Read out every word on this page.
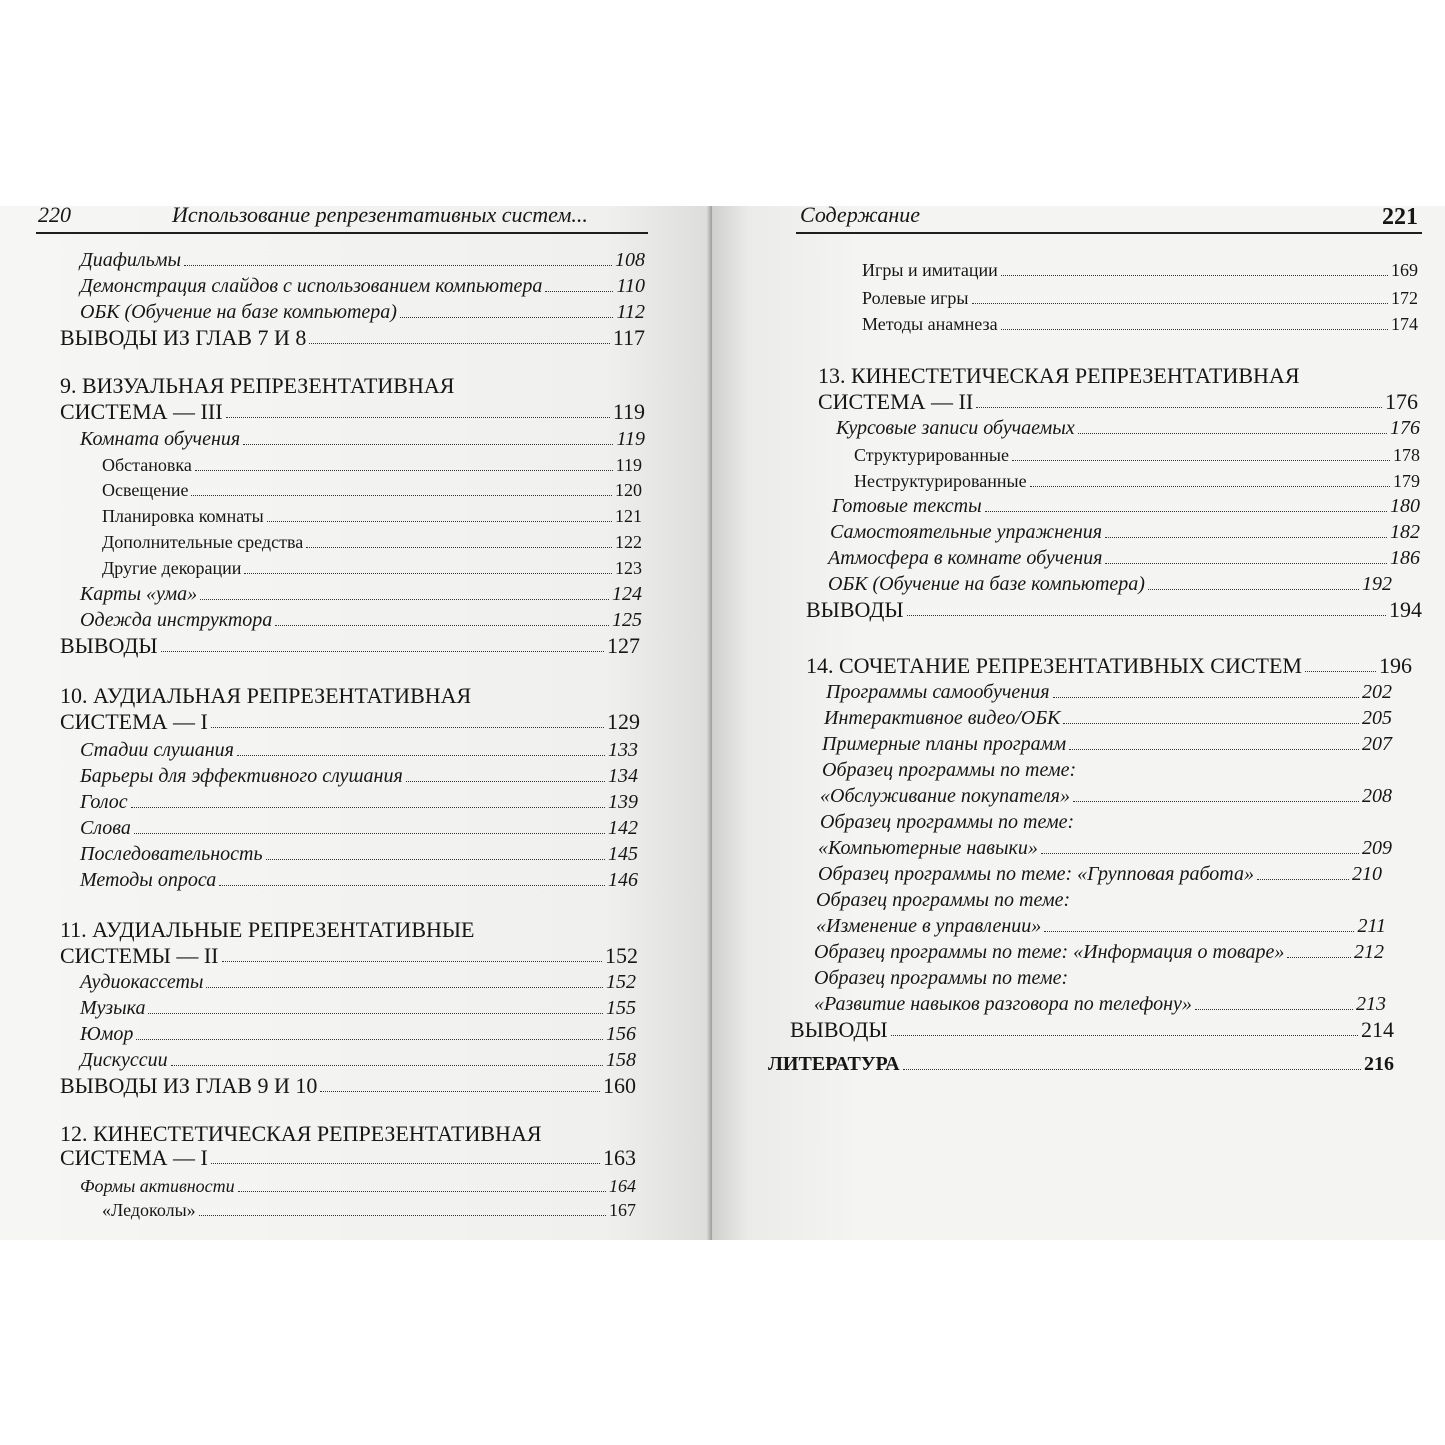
220	Использование репрезентативных систем...
Диафильмы	108
Демонстрация слайдов с использованием компьютера	110
ОБК (Обучение на базе компьютера)	112
ВЫВОДЫ ИЗ ГЛАВ 7 И 8	117
9. ВИЗУАЛЬНАЯ РЕПРЕЗЕНТАТИВНАЯ
СИСТЕМА — III	119
Комната обучения	119
Обстановка	119
Освещение	120
Планировка комнаты	121
Дополнительные средства	122
Другие декорации	123
Карты «ума»	124
Одежда инструктора	125
ВЫВОДЫ	127
10. АУДИАЛЬНАЯ РЕПРЕЗЕНТАТИВНАЯ
СИСТЕМА — I	129
Стадии слушания	133
Барьеры для эффективного слушания	134
Голос	139
Слова	142
Последовательность	145
Методы опроса	146
11. АУДИАЛЬНЫЕ РЕПРЕЗЕНТАТИВНЫЕ
СИСТЕМЫ — II	152
Аудиокассеты	152
Музыка	155
Юмор	156
Дискуссии	158
ВЫВОДЫ ИЗ ГЛАВ 9 И 10	160
12. КИНЕСТЕТИЧЕСКАЯ РЕПРЕЗЕНТАТИВНАЯ
СИСТЕМА — I	163
Формы активности	164
«Ледоколы»	167
Содержание	221
Игры и имитации	169
Ролевые игры	172
Методы анамнеза	174
13. КИНЕСТЕТИЧЕСКАЯ РЕПРЕЗЕНТАТИВНАЯ
СИСТЕМА — II	176
Курсовые записи обучаемых	176
Структурированные	178
Неструктурированные	179
Готовые тексты	180
Самостоятельные упражнения	182
Атмосфера в комнате обучения	186
ОБК (Обучение на базе компьютера)	192
ВЫВОДЫ	194
14. СОЧЕТАНИЕ РЕПРЕЗЕНТАТИВНЫХ СИСТЕМ	196
Программы самообучения	202
Интерактивное видео/ОБК	205
Примерные планы программ	207
Образец программы по теме:
«Обслуживание покупателя»	208
Образец программы по теме:
«Компьютерные навыки»	209
Образец программы по теме: «Групповая работа»	210
Образец программы по теме:
«Изменение в управлении»	211
Образец программы по теме: «Информация о товаре»	212
Образец программы по теме:
«Развитие навыков разговора по телефону»	213
ВЫВОДЫ	214
ЛИТЕРАТУРА	216
